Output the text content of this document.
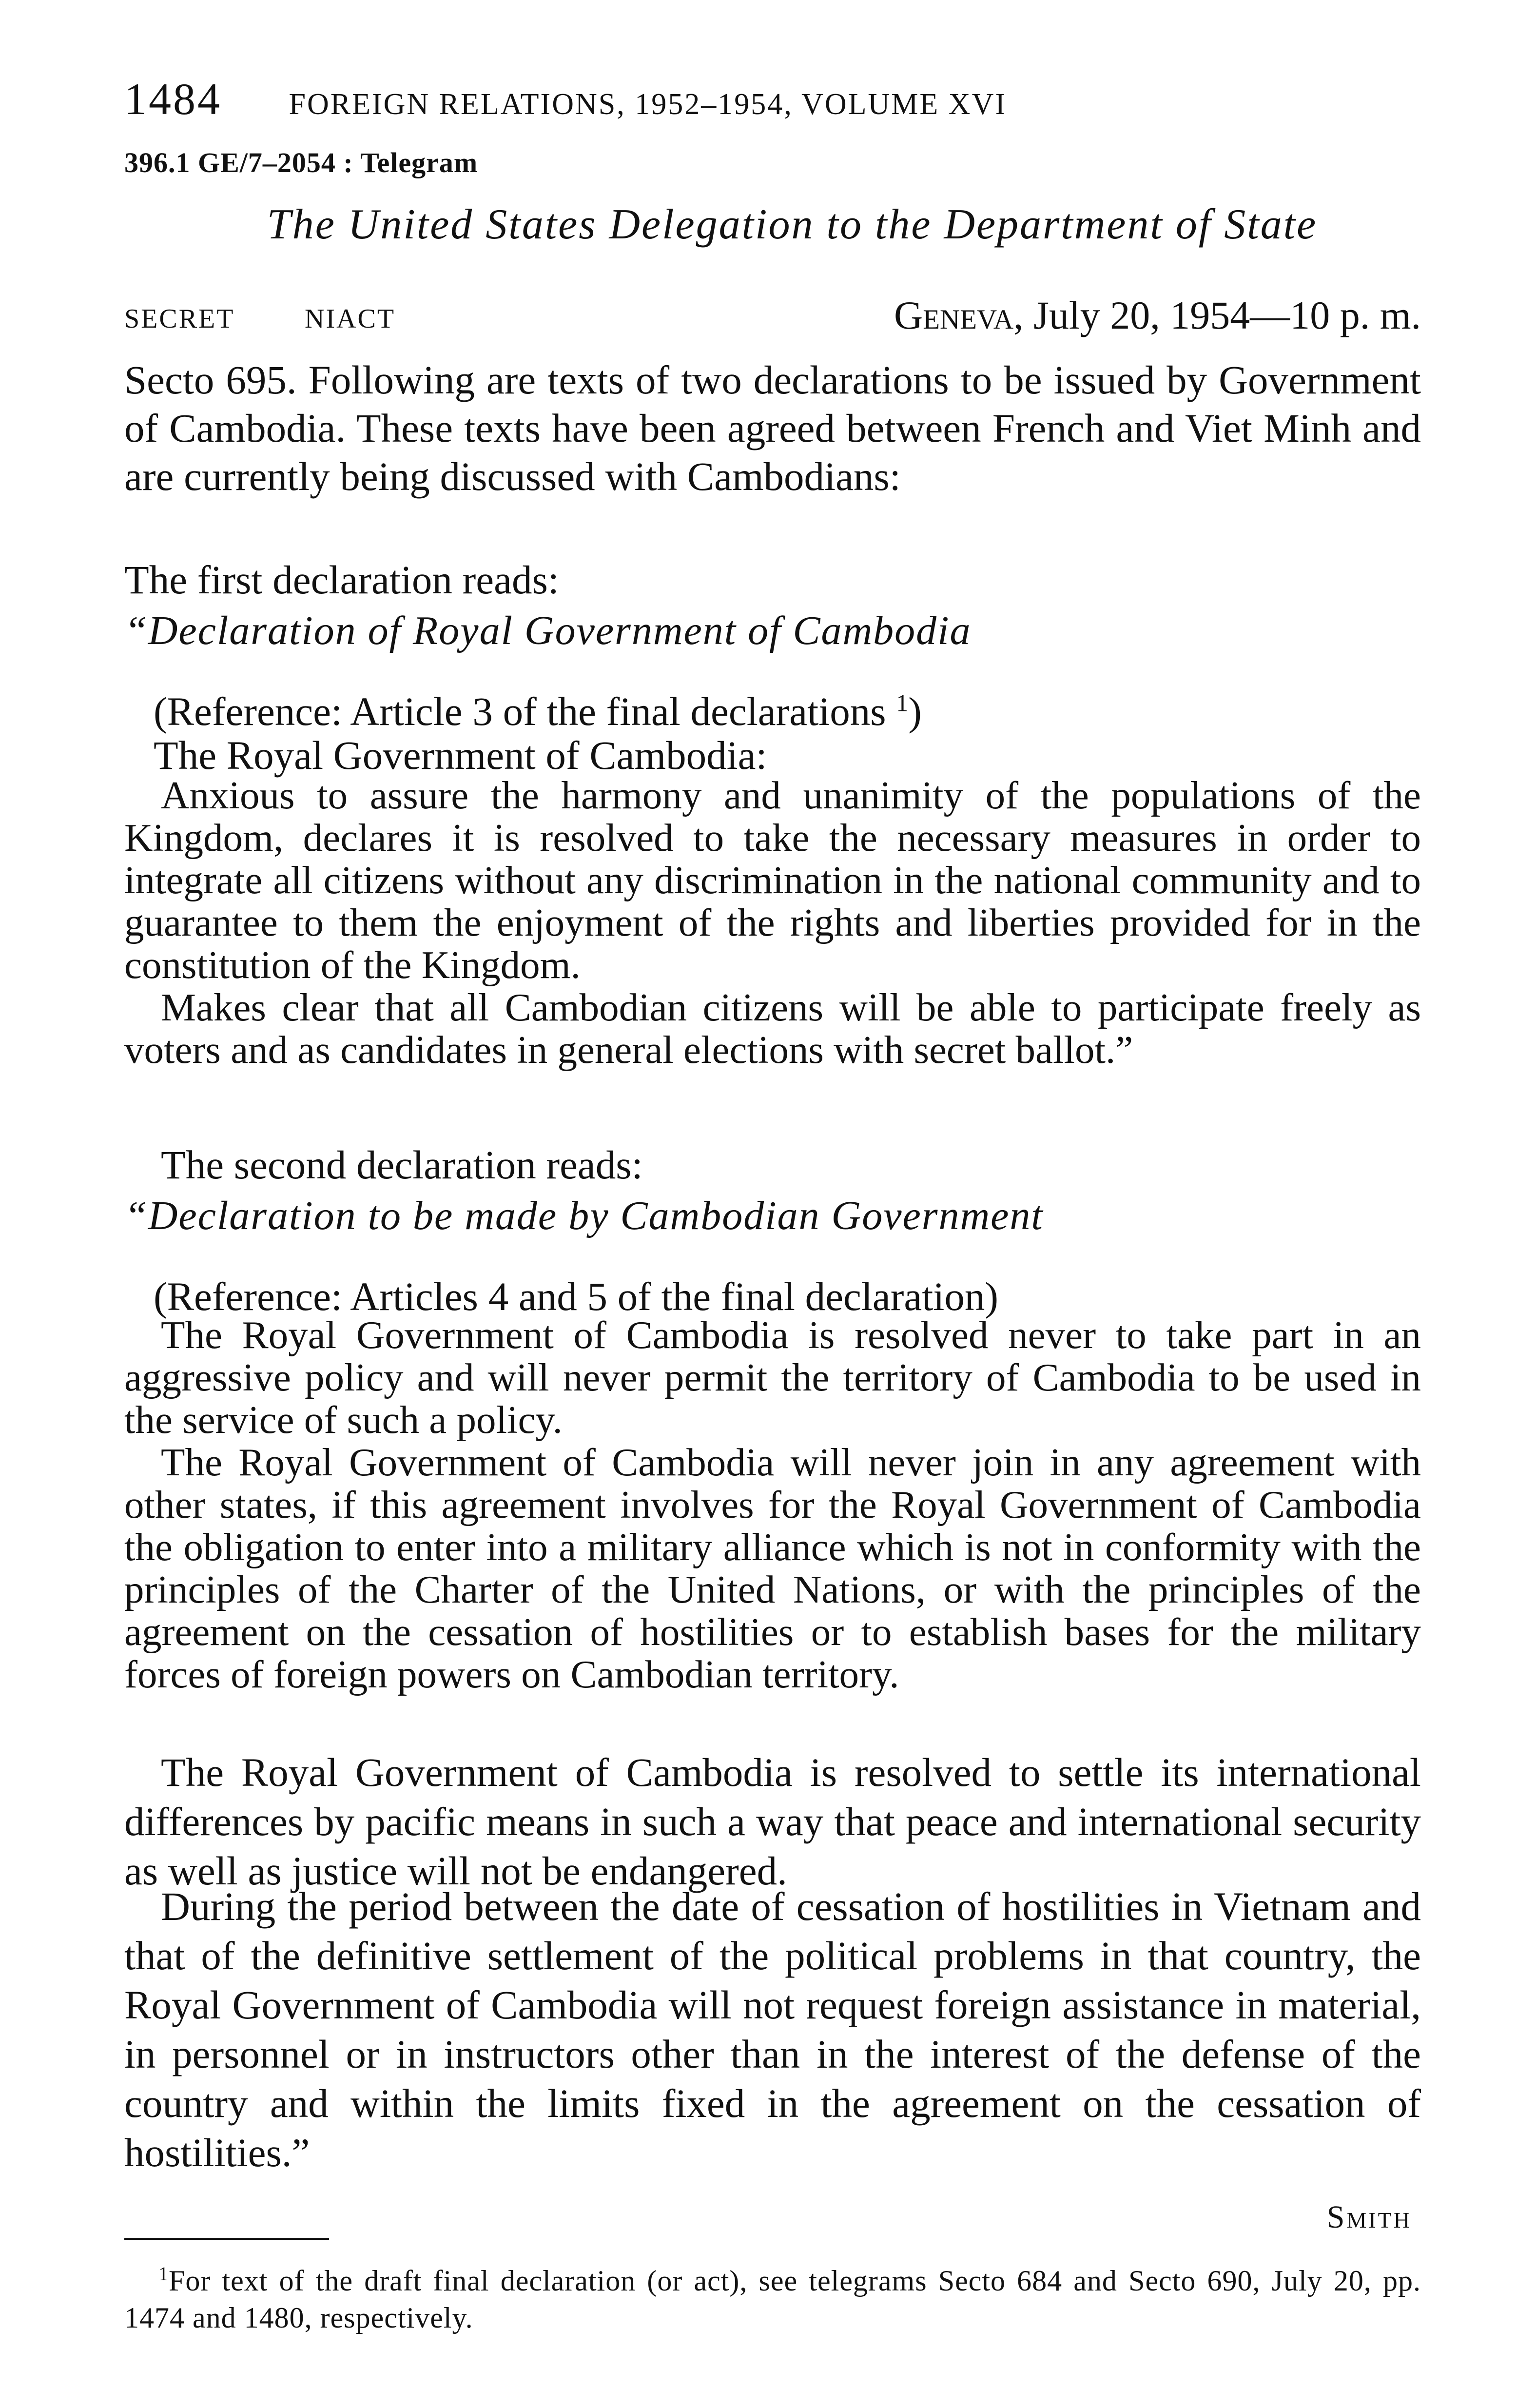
1484 FOREIGN RELATIONS, 1952–1954, VOLUME XVI
396.1 GE/7–2054 : Telegram
The United States Delegation to the Department of State
SECRET	NIACT	Geneva, July 20, 1954—10 p. m.
Secto 695. Following are texts of two declarations to be issued by Government of Cambodia. These texts have been agreed between French and Viet Minh and are currently being discussed with Cambodians:
The first declaration reads:
“Declaration of Royal Government of Cambodia
(Reference: Article 3 of the final declarations $^1$)
The Royal Government of Cambodia:

Anxious to assure the harmony and unanimity of the populations of the Kingdom, declares it is resolved to take the necessary measures in order to integrate all citizens without any discrimination in the national community and to guarantee to them the enjoyment of the rights and liberties provided for in the constitution of the Kingdom.

Makes clear that all Cambodian citizens will be able to participate freely as voters and as candidates in general elections with secret ballot.”

The second declaration reads:
“Declaration to be made by Cambodian Government
(Reference: Articles 4 and 5 of the final declaration)

The Royal Government of Cambodia is resolved never to take part in an aggressive policy and will never permit the territory of Cambodia to be used in the service of such a policy.

The Royal Government of Cambodia will never join in any agreement with other states, if this agreement involves for the Royal Government of Cambodia the obligation to enter into a military alliance which is not in conformity with the principles of the Charter of the United Nations, or with the principles of the agreement on the cessation of hostilities or to establish bases for the military forces of foreign powers on Cambodian territory.

The Royal Government of Cambodia is resolved to settle its international differences by pacific means in such a way that peace and international security as well as justice will not be endangered.

During the period between the date of cessation of hostilities in Vietnam and that of the definitive settlement of the political problems in that country, the Royal Government of Cambodia will not request foreign assistance in material, in personnel or in instructors other than in the interest of the defense of the country and within the limits fixed in the agreement on the cessation of hostilities.”

Smith
$^1$For text of the draft final declaration (or act), see telegrams Secto 684 and Secto 690, July 20, pp. 1474 and 1480, respectively.
